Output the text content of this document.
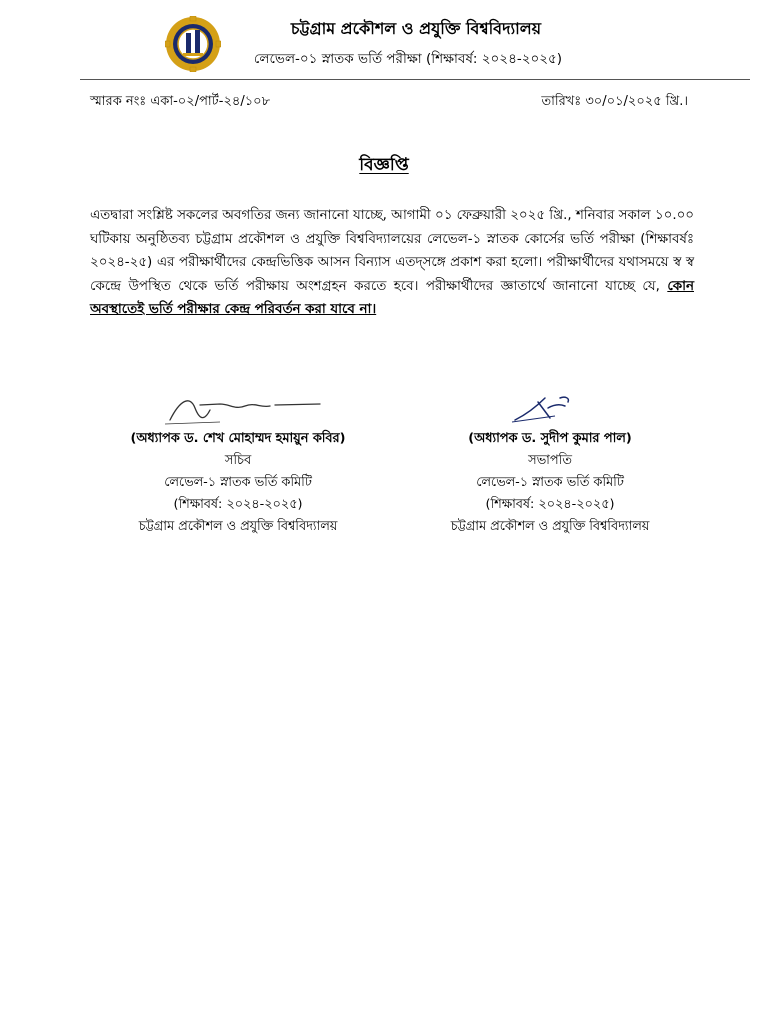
চট্টগ্রাম প্রকৌশল ও প্রযুক্তি বিশ্ববিদ্যালয়
লেভেল-০১ স্নাতক ভর্তি পরীক্ষা (শিক্ষাবর্ষ: ২০২৪-২০২৫)
স্মারক নংঃ একা-০২/পার্ট-২৪/১০৮	তারিখঃ ৩০/০১/২০২৫ খ্রি.।
বিজ্ঞপ্তি
এতদ্বারা সংশ্লিষ্ট সকলের অবগতির জন্য জানানো যাচ্ছে, আগামী ০১ ফেব্রুয়ারী ২০২৫ খ্রি., শনিবার সকাল ১০.০০ ঘটিকায় অনুষ্ঠিতব্য চট্টগ্রাম প্রকৌশল ও প্রযুক্তি বিশ্ববিদ্যালয়ের লেভেল-১ স্নাতক কোর্সের ভর্তি পরীক্ষা (শিক্ষাবর্ষঃ ২০২৪-২৫) এর পরীক্ষার্থীদের কেন্দ্রভিত্তিক আসন বিন্যাস এতদ্সঙ্গে প্রকাশ করা হলো। পরীক্ষার্থীদের যথাসময়ে স্ব স্ব কেন্দ্রে উপস্থিত থেকে ভর্তি পরীক্ষায় অংশগ্রহন করতে হবে। পরীক্ষার্থীদের জ্ঞাতার্থে জানানো যাচ্ছে যে, কোন অবস্থাতেই ভর্তি পরীক্ষার কেন্দ্র পরিবর্তন করা যাবে না।
(অধ্যাপক ড. শেখ মোহাম্মদ হমায়ুন কবির)
সচিব
লেভেল-১ স্নাতক ভর্তি কমিটি
(শিক্ষাবর্ষ: ২০২৪-২০২৫)
চট্টগ্রাম প্রকৌশল ও প্রযুক্তি বিশ্ববিদ্যালয়
(অধ্যাপক ড. সুদীপ কুমার পাল)
সভাপতি
লেভেল-১ স্নাতক ভর্তি কমিটি
(শিক্ষাবর্ষ: ২০২৪-২০২৫)
চট্টগ্রাম প্রকৌশল ও প্রযুক্তি বিশ্ববিদ্যালয়
